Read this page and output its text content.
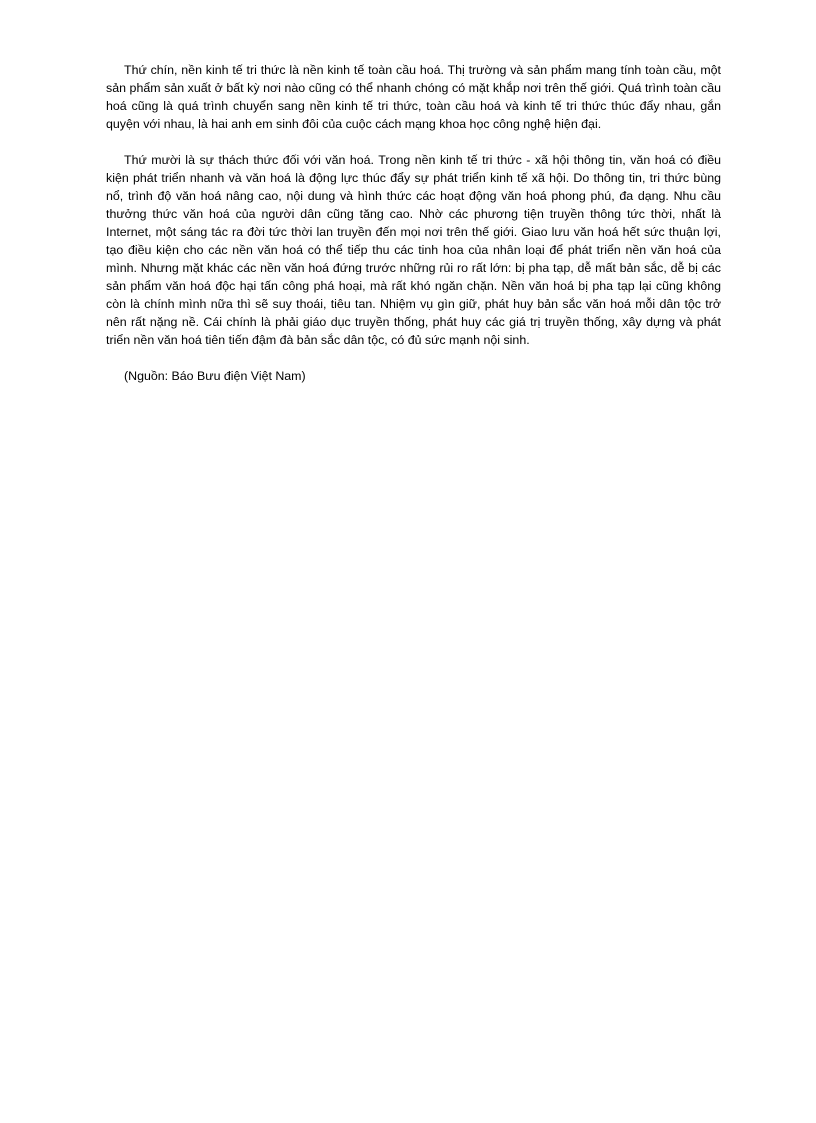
Thứ chín, nền kinh tế tri thức là nền kinh tế toàn cầu hoá. Thị trường và sản phẩm mang tính toàn cầu, một sản phẩm sản xuất ở bất kỳ nơi nào cũng có thể nhanh chóng có mặt khắp nơi trên thế giới. Quá trình toàn cầu hoá cũng là quá trình chuyển sang nền kinh tế tri thức, toàn cầu hoá và kinh tế tri thức thúc đẩy nhau, gắn quyện với nhau, là hai anh em sinh đôi của cuộc cách mạng khoa học công nghệ hiện đại.

Thứ mười là sự thách thức đối với văn hoá. Trong nền kinh tế tri thức - xã hội thông tin, văn hoá có điều kiện phát triển nhanh và văn hoá là động lực thúc đẩy sự phát triển kinh tế xã hội. Do thông tin, tri thức bùng nổ, trình độ văn hoá nâng cao, nội dung và hình thức các hoạt động văn hoá phong phú, đa dạng. Nhu cầu thưởng thức văn hoá của người dân cũng tăng cao. Nhờ các phương tiện truyền thông tức thời, nhất là Internet, một sáng tác ra đời tức thời lan truyền đến mọi nơi trên thế giới. Giao lưu văn hoá hết sức thuận lợi, tạo điều kiện cho các nền văn hoá có thể tiếp thu các tinh hoa của nhân loại để phát triển nền văn hoá của mình. Nhưng mặt khác các nền văn hoá đứng trước những rủi ro rất lớn: bị pha tạp, dễ mất bản sắc, dễ bị các sản phẩm văn hoá độc hại tấn công phá hoại, mà rất khó ngăn chặn. Nền văn hoá bị pha tạp lại cũng không còn là chính mình nữa thì sẽ suy thoái, tiêu tan. Nhiệm vụ gìn giữ, phát huy bản sắc văn hoá mỗi dân tộc trở nên rất nặng nề. Cái chính là phải giáo dục truyền thống, phát huy các giá trị truyền thống, xây dựng và phát triển nền văn hoá tiên tiến đậm đà bản sắc dân tộc, có đủ sức mạnh nội sinh.

(Nguồn: Báo Bưu điện Việt Nam)
